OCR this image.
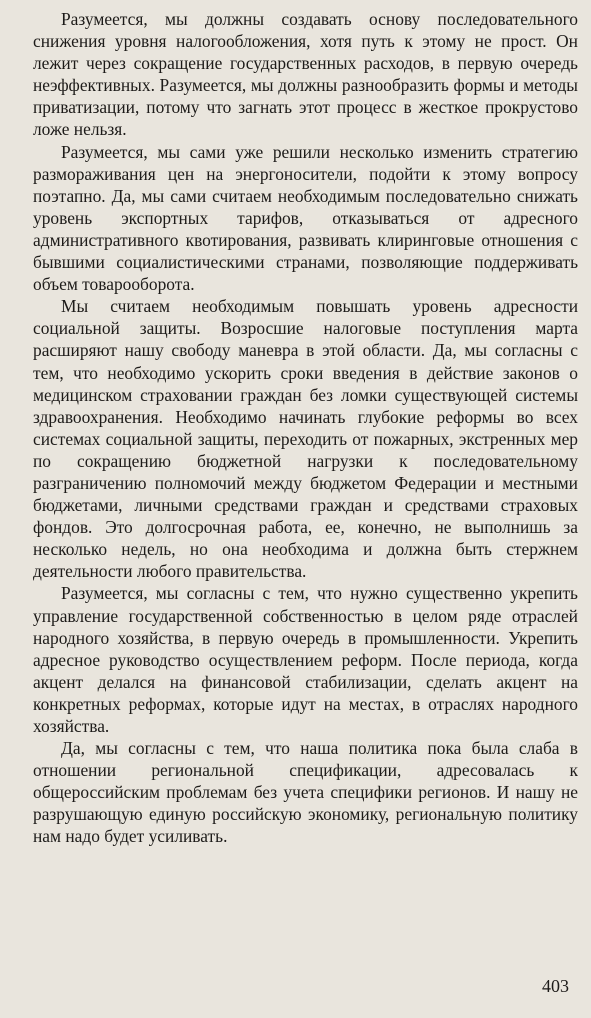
Разумеется, мы должны создавать основу последовательного снижения уровня налогообложения, хотя путь к этому не прост. Он лежит через сокращение государственных расходов, в первую очередь неэффективных. Разумеется, мы должны разнообразить формы и методы приватизации, потому что загнать этот процесс в жесткое прокрустово ложе нельзя.

Разумеется, мы сами уже решили несколько изменить стратегию размораживания цен на энергоносители, подойти к этому вопросу поэтапно. Да, мы сами считаем необходимым последовательно снижать уровень экспортных тарифов, отказываться от адресного административного квотирования, развивать клиринговые отношения с бывшими социалистическими странами, позволяющие поддерживать объем товарооборота.

Мы считаем необходимым повышать уровень адресности социальной защиты. Возросшие налоговые поступления марта расширяют нашу свободу маневра в этой области. Да, мы согласны с тем, что необходимо ускорить сроки введения в действие законов о медицинском страховании граждан без ломки существующей системы здравоохранения. Необходимо начинать глубокие реформы во всех системах социальной защиты, переходить от пожарных, экстренных мер по сокращению бюджетной нагрузки к последовательному разграничению полномочий между бюджетом Федерации и местными бюджетами, личными средствами граждан и средствами страховых фондов. Это долгосрочная работа, ее, конечно, не выполнишь за несколько недель, но она необходима и должна быть стержнем деятельности любого правительства.

Разумеется, мы согласны с тем, что нужно существенно укрепить управление государственной собственностью в целом ряде отраслей народного хозяйства, в первую очередь в промышленности. Укрепить адресное руководство осуществлением реформ. После периода, когда акцент делался на финансовой стабилизации, сделать акцент на конкретных реформах, которые идут на местах, в отраслях народного хозяйства.

Да, мы согласны с тем, что наша политика пока была слаба в отношении региональной спецификации, адресовалась к общероссийским проблемам без учета специфики регионов. И нашу не разрушающую единую российскую экономику, региональную политику нам надо будет усиливать.

403
